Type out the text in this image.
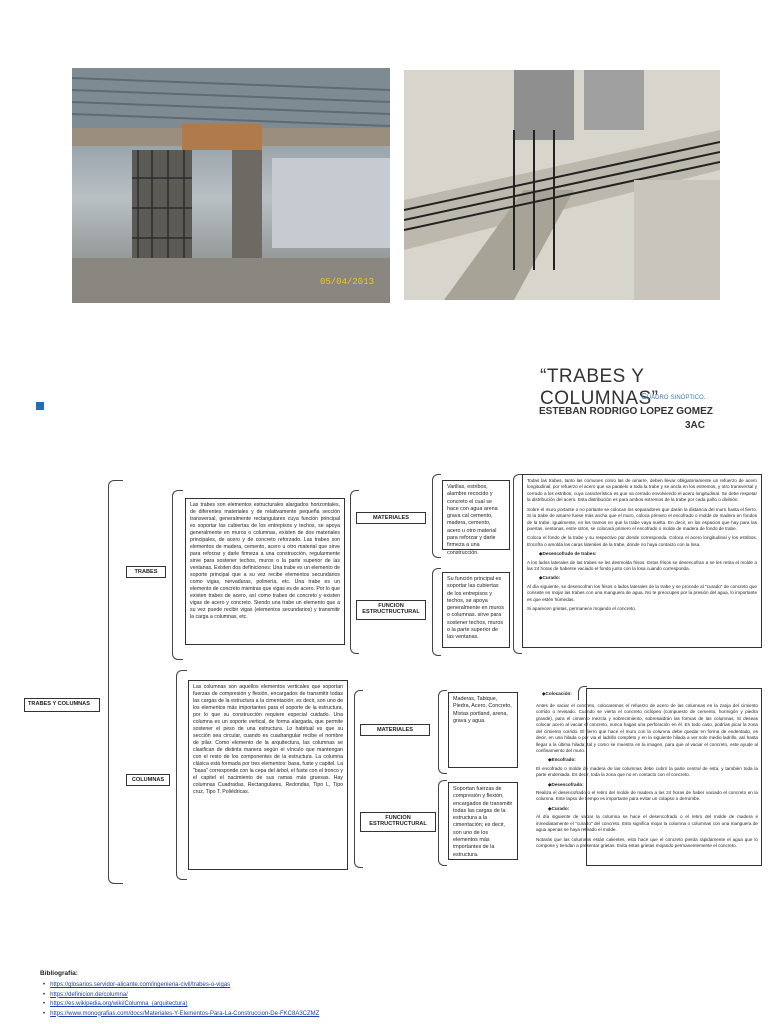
05/04/2013
“TRABES Y COLUMNAS”
Cuadro sinóptico.
ESTEBAN RODRIGO LOPEZ GOMEZ
3AC
TRABES Y COLUMNAS
TRABES
Las trabes son elementos estructurales alargados horizontales, de diferentes materiales y de relativamente pequeña sección transversal, generalmente rectangulares cuya función principal es soportar las cubiertas de los entrepisos y techos, se apoya generalmente en muros o columnas, existen de dos materiales principales, de acero y de concreto reforzado. Las trabes son elementos de madera, cemento, acero u otro material que sirve para reforzar y darle firmeza a una construcción, regularmente sirve para sostener techos, muros o la parte superior de las ventanas. Existen dos definiciones: Una trabe es un elemento de soporte principal que a su vez recibe elementos secundarios como vigas, nervaduras, polinería, etc. Una trabe es un elemento de concreto mientras que vigas es de acero. Por lo que existen trabes de acero, así como trabes de concreto y existen vigas de acero y concreto. Siendo una trabe un elemento que a su vez puede recibir vigas (elementos secundarios) y transmitir la carga a columnas, etc.
MATERIALES
FUNCION ESTRUCTRUCTURAL
Varillas, estribos, alambre recocido y concreto el cual se hace con agua arena grava cal cemento, madera, cemento, acero u otro material para reforzar y darle firmeza a una construcción.
Su función principal es soportar las cubiertas de los entrepisos y techos, se apoya generalmente en muros o columnas. sirve para sostener techos, muros o la parte superior de las ventanas.

Todas las trabes, tanto las comunes como las de amarre, deben llevar obligatoriamente un refuerzo de acero longitudinal, por refuerzo el acero que va paralelo a toda la trabe y se ancla en los extremos, y otro transversal y cerrado a los estribos, cuya característica es que va cerrado envolviendo el acero longitudinal. Se debe respetar la distribución del acero. Esta distribución es para ambos extremos de la trabe por cada paño o división.

Sobre el muro portante o no portante se colocan los separadores que darán la distancia del muro hasta el fierro. Si la trabe de amarre fuese más ancha que el muro, coloca primero el encofrado o molde de madera en fondos de la trabe. Igualmente, en los tramos en que la trabe vaya suelta. En decir, en los espacios que hay para las puertas, ventanas, entre otros, se colocará primero el encofrado o molde de madera de fondo de trabe.

Coloca el fondo de la trabe y su respectivo por donde corresponda. Coloca el acero longitudinal y los estribos. Encofra o amolda las caras laterales de la trabe, donde no haya contacto con la losa.

◆ Desencofrado de trabes:

A los lados laterales de las trabes se les desmolda frisos. Estos frisos se desencofran a se les retira el molde a las 24 horas de haberse vaciado el fondo junto con la losa cuando corresponda.

◆ Curado:

Al día siguiente, se desencofran los frisos o lados laterales de la trabe y se procede al "curado" de concreto que consiste en mojar las trabes con una manguera de agua. No te preocupes por la presión del agua, lo importante es que estén húmedas.

Si aparecen grietas, permanece mojando el concreto.

COLUMNAS
Las columnas son aquellos elementos verticales que soportan fuerzas de compresión y flexión, encargados de transmitir todas las cargas de la estructura a la cimentación; es decir, son uno de los elementos más importantes para el soporte de la estructura, por lo que su construcción requiere especial cuidado. Una columna es un soporte vertical, de forma alargada, que permite sostener el peso de una estructura. Lo habitual es que su sección sea circular, cuando es cuadrangular recibe el nombre de pilar. Como elemento de la arquitectura, las columnas se clasifican de distinta manera según el vínculo que mantengan con el resto de los componentes de la estructura. La columna clásica está formada por tres elementos: basa, fuste y capitel. La "basa" corresponde con la cepa del árbol, el fuste con el tronco y el capitel el nacimiento de sus ramas más gruesas. Hay columnas Cuadradas, Rectangulares, Redondas, Tipo L, Tipo cruz, Tipo T, Poliédricas.
MATERIALES
FUNCION ESTRUCTRUCTURAL
Maderas, Tabique, Piedra, Acero, Concreto, Mixtas portland, arena, grava y agua.
Soportan fuerzas de compresión y flexión, encargados de transmitir todas las cargas de la estructura a la cimentación; es decir, son uno de los elementos más importantes de la estructura.
◆ Colocación:

Antes de vaciar el concreto, colocaremos el refuerzo de acero de las columnas en la zanja del cimiento corrido o revisado. Cuando se vierta el concreto ciclópeo (compuesto de cemento, hormigón y piedra grande), para el cimiento mezcla y sobrecimiento, sobresaldrán las formas de las columnas. Si deseas colocar acero al vaciar el concreto, nunca hagas una perforación en él. En todo caso, podrías picar la zona del cimiento corrido. El fierro que hace el muro con la columna debe quedar en forma de endentado, es decir, en una hilada o por via el ladrillo completo y en la siguiente hilada a ver solo medio ladrillo, así hasta llegar a la última hilada; tal y como se muestra en la imagen, para que al vaciar el concreto, este ayude al confinamiento del muro.

◆ Encofrado:

El encofrado o molde de madera de las columnas debe cubrir la parte central de esta, y también toda la parte endentada. Es decir, toda la zona que no en contacto con el concreto.

◆ Desencofrado:

Realiza el desencofrado o el retiro del molde de madera a las 24 horas de haber vaciado el concreto en la columna. Este lapso de tiempo es importante para evitar un colapso o derrumbe.

◆ Curado:

Al día siguiente de vaciar la columna se hace el desencofrado o el retiro del molde de madera e inmediatamente el "curado" del concreto. Esto significa mojar la columna o columnas con una manguera de agua apenas se haya retirado el molde.

Notarás que las columnas están calientes, esto hace que el concreto pierda rápidamente el agua que lo compone y tiendan a presentar grietas. Evita estas grietas mojando permanentemente el concreto.

Bibliografía:
• https://glosarios.servidor-alicante.com/ingenieria-civil/trabes-o-vigas
• https://definicion.de/columna/
• https://es.wikipedia.org/wiki/Columna_(arquitectura)
• https://www.monografias.com/docs/Materiales-Y-Elementos-Para-La-Construccion-De-FKC8A3CZMZ
